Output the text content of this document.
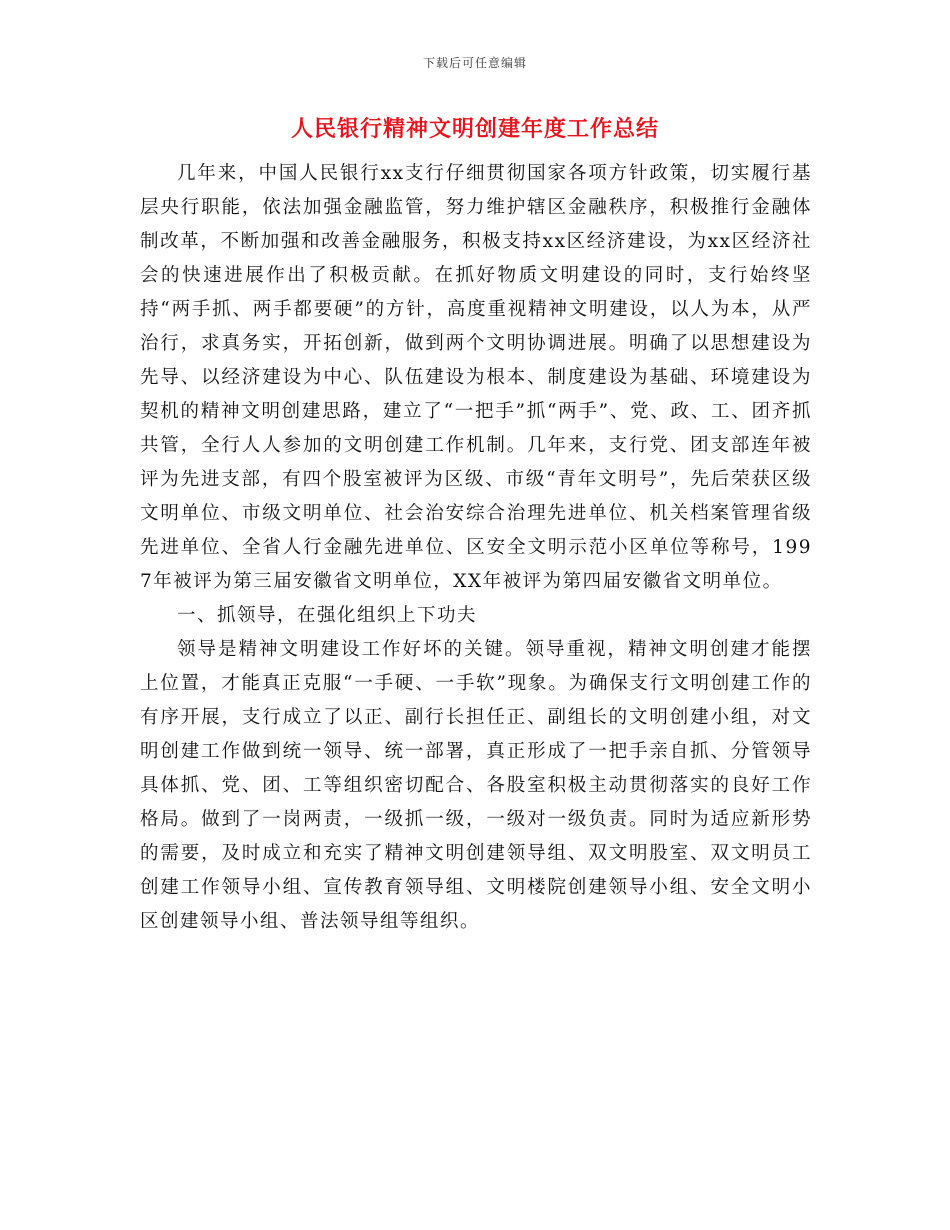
下载后可任意编辑
人民银行精神文明创建年度工作总结

几年来，中国人民银行xx支行仔细贯彻国家各项方针政策，切实履行基层央行职能，依法加强金融监管，努力维护辖区金融秩序，积极推行金融体制改革，不断加强和改善金融服务，积极支持xx区经济建设，为xx区经济社会的快速进展作出了积极贡献。在抓好物质文明建设的同时，支行始终坚持“两手抓、两手都要硬”的方针，高度重视精神文明建设，以人为本，从严治行，求真务实，开拓创新，做到两个文明协调进展。明确了以思想建设为先导、以经济建设为中心、队伍建设为根本、制度建设为基础、环境建设为契机的精神文明创建思路，建立了“一把手”抓“两手”、党、政、工、团齐抓共管，全行人人参加的文明创建工作机制。几年来，支行党、团支部连年被评为先进支部，有四个股室被评为区级、市级“青年文明号”，先后荣获区级文明单位、市级文明单位、社会治安综合治理先进单位、机关档案管理省级先进单位、全省人行金融先进单位、区安全文明示范小区单位等称号，1997年被评为第三届安徽省文明单位，XX年被评为第四届安徽省文明单位。

一、抓领导，在强化组织上下功夫

领导是精神文明建设工作好坏的关键。领导重视，精神文明创建才能摆上位置，才能真正克服“一手硬、一手软”现象。为确保支行文明创建工作的有序开展，支行成立了以正、副行长担任正、副组长的文明创建小组，对文明创建工作做到统一领导、统一部署，真正形成了一把手亲自抓、分管领导具体抓、党、团、工等组织密切配合、各股室积极主动贯彻落实的良好工作格局。做到了一岗两责，一级抓一级，一级对一级负责。同时为适应新形势的需要，及时成立和充实了精神文明创建领导组、双文明股室、双文明员工创建工作领导小组、宣传教育领导组、文明楼院创建领导小组、安全文明小区创建领导小组、普法领导组等组织。
